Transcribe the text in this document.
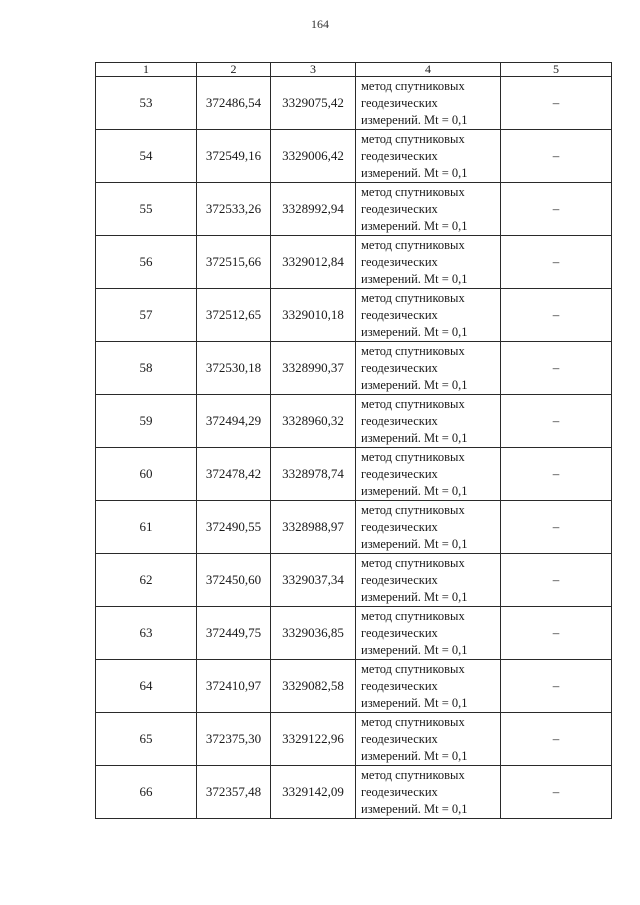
164
1	2	3	4	5
53	372486,54	3329075,42	метод спутниковых
геодезических
измерений. Mt = 0,1	–
54	372549,16	3329006,42	метод спутниковых
геодезических
измерений. Mt = 0,1	–
55	372533,26	3328992,94	метод спутниковых
геодезических
измерений. Mt = 0,1	–
56	372515,66	3329012,84	метод спутниковых
геодезических
измерений. Mt = 0,1	–
57	372512,65	3329010,18	метод спутниковых
геодезических
измерений. Mt = 0,1	–
58	372530,18	3328990,37	метод спутниковых
геодезических
измерений. Mt = 0,1	–
59	372494,29	3328960,32	метод спутниковых
геодезических
измерений. Mt = 0,1	–
60	372478,42	3328978,74	метод спутниковых
геодезических
измерений. Mt = 0,1	–
61	372490,55	3328988,97	метод спутниковых
геодезических
измерений. Mt = 0,1	–
62	372450,60	3329037,34	метод спутниковых
геодезических
измерений. Mt = 0,1	–
63	372449,75	3329036,85	метод спутниковых
геодезических
измерений. Mt = 0,1	–
64	372410,97	3329082,58	метод спутниковых
геодезических
измерений. Mt = 0,1	–
65	372375,30	3329122,96	метод спутниковых
геодезических
измерений. Mt = 0,1	–
66	372357,48	3329142,09	метод спутниковых
геодезических
измерений. Mt = 0,1	–
